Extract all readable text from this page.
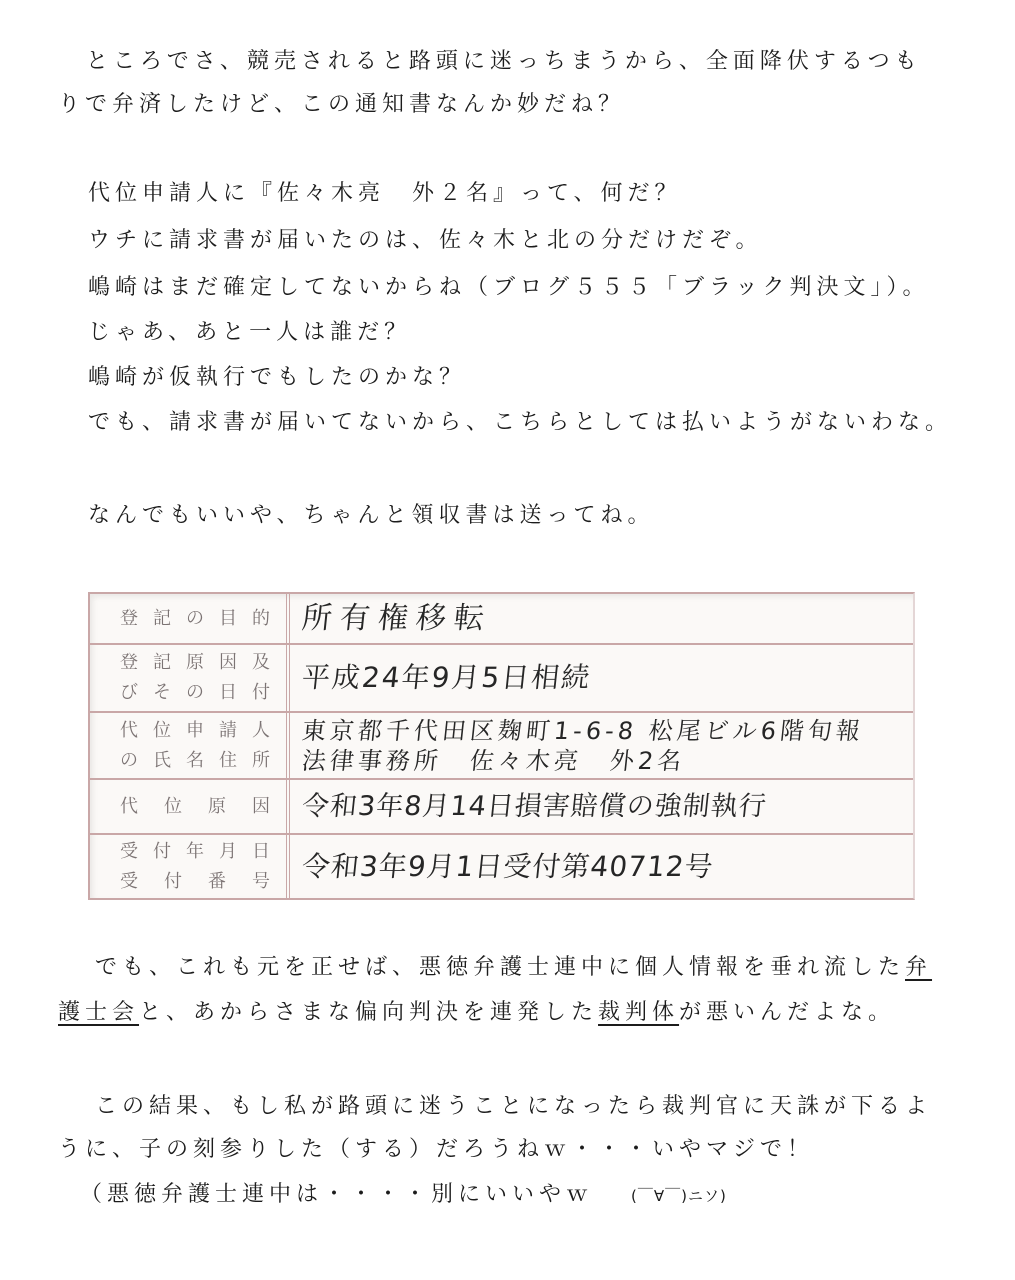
ところでさ、競売されると路頭に迷っちまうから、全面降伏するつも
りで弁済したけど、この通知書なんか妙だね？
代位申請人に『佐々木亮　外２名』って、何だ？
ウチに請求書が届いたのは、佐々木と北の分だけだぞ。
嶋崎はまだ確定してないからね（ブログ５５５「ブラック判決文」）。
じゃあ、あと一人は誰だ？
嶋崎が仮執行でもしたのかな？
でも、請求書が届いてないから、こちらとしては払いようがないわな。
なんでもいいや、ちゃんと領収書は送ってね。
登記の目的 所有権移転
登記原因及
びその日付 平成24年9月5日相続
代位申請人
の氏名住所
東京都千代田区麹町1-6-8 松尾ビル6階旬報
法律事務所　佐々木亮　外2名
代位原因 令和3年8月14日損害賠償の強制執行
受付年月日
受付番号 令和3年9月1日受付第40712号
でも、これも元を正せば、悪徳弁護士連中に個人情報を垂れ流した弁
護士会と、あからさまな偏向判決を連発した裁判体が悪いんだよな。
この結果、もし私が路頭に迷うことになったら裁判官に天誅が下るよ
うに、子の刻参りした（する）だろうねｗ・・・いやマジで！
（悪徳弁護士連中は・・・・別にいいやｗ	(￣∀￣)ニソ)
